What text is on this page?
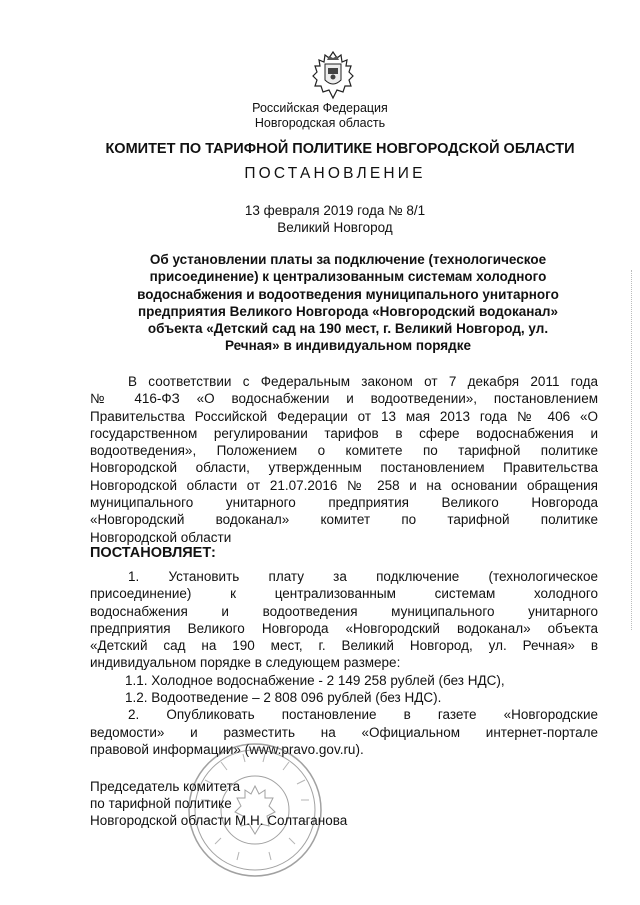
Российская Федерация
Новгородская область
КОМИТЕТ ПО ТАРИФНОЙ ПОЛИТИКЕ НОВГОРОДСКОЙ ОБЛАСТИ
ПОСТАНОВЛЕНИЕ
13 февраля 2019 года № 8/1
Великий Новгород
Об установлении платы за подключение (технологическое
присоединение) к централизованным системам холодного
водоснабжения и водоотведения муниципального унитарного
предприятия Великого Новгорода «Новгородский водоканал»
объекта «Детский сад на 190 мест, г. Великий Новгород, ул.
Речная» в индивидуальном порядке
В соответствии с Федеральным законом от 7 декабря 2011 года
№ 416-ФЗ «О водоснабжении и водоотведении», постановлением
Правительства Российской Федерации от 13 мая 2013 года № 406 «О
государственном регулировании тарифов в сфере водоснабжения и
водоотведения», Положением о комитете по тарифной политике
Новгородской области, утвержденным постановлением Правительства
Новгородской области от 21.07.2016 № 258 и на основании обращения
муниципального унитарного предприятия Великого Новгорода
«Новгородский водоканал» комитет по тарифной политике
Новгородской области
ПОСТАНОВЛЯЕТ:
1. Установить плату за подключение (технологическое
присоединение) к централизованным системам холодного
водоснабжения и водоотведения муниципального унитарного
предприятия Великого Новгорода «Новгородский водоканал» объекта
«Детский сад на 190 мест, г. Великий Новгород, ул. Речная» в
индивидуальном порядке в следующем размере:
1.1. Холодное водоснабжение - 2 149 258 рублей (без НДС),
1.2. Водоотведение – 2 808 096 рублей (без НДС).
2. Опубликовать постановление в газете «Новгородские
ведомости» и разместить на «Официальном интернет-портале
правовой информации» (www.pravo.gov.ru).
Председатель комитета
по тарифной политике
Новгородской области М.Н. Солтаганова
